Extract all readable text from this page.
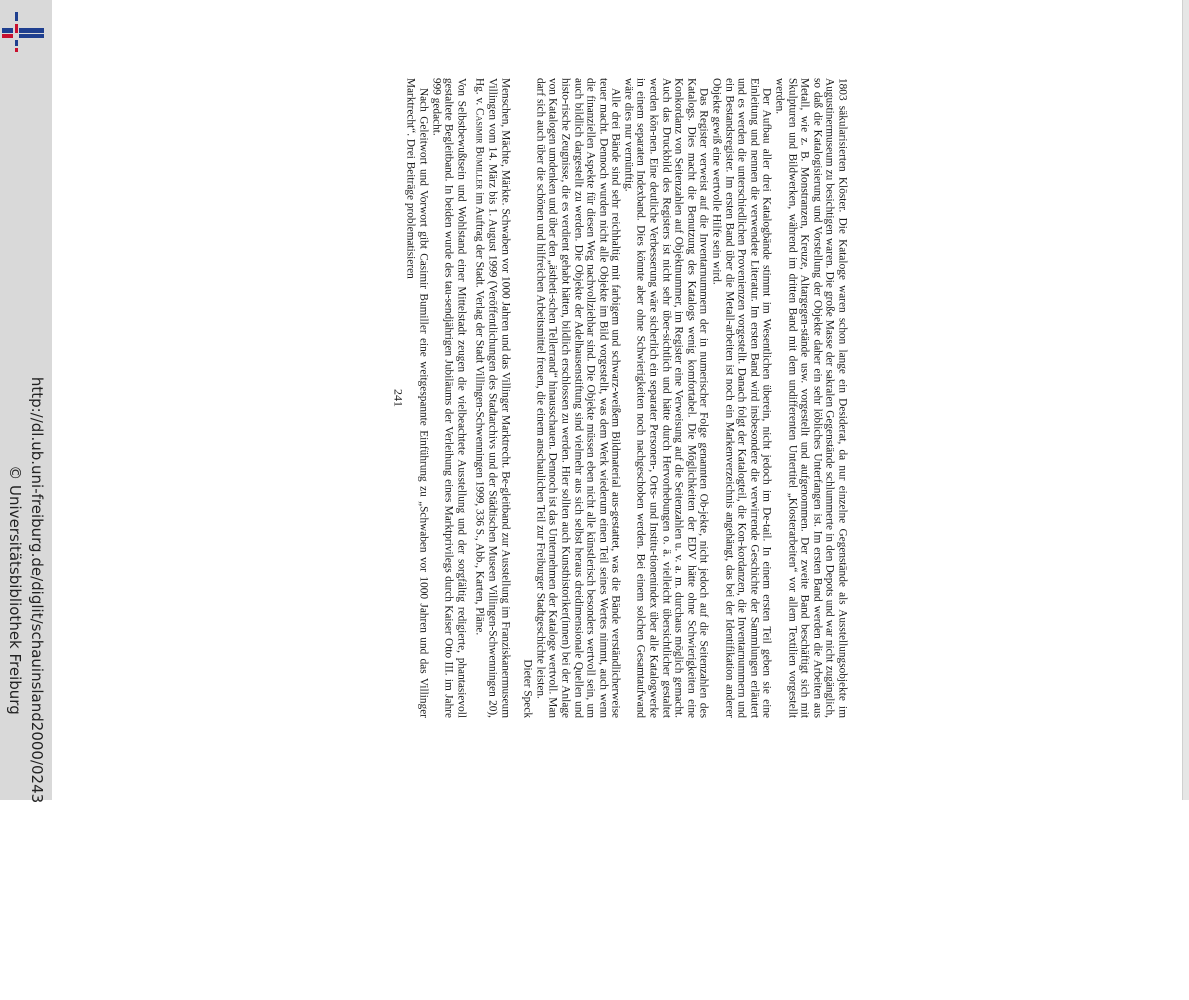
http://dl.ub.uni-freiburg.de/diglit/schauinsland2000/0243
© Universitätsbibliothek Freiburg	1803 säkularisierten Klöster. Die Kataloge waren schon lange ein Desiderat, da nur einzelne Gegenstände als Ausstellungsobjekte im Augustinermuseum zu besichtigen waren. Die große Masse der sakralen Gegenstände schlummerte in den Depots und war nicht zugänglich, so daß die Katalogisierung und Vorstellung der Objekte daher ein sehr löbliches Unterfangen ist. Im ersten Band werden die Arbeiten aus Metall, wie z. B. Monstranzen, Kreuze, Altargegen-stände usw. vorgestellt und aufgenommen. Der zweite Band beschäftigt sich mit Skulpturen und Bildwerken, während im dritten Band mit dem undifferenten Untertitel „Klosterarbeiten“ vor allem Textilien vorgestellt werden.

Der Aufbau aller drei Katalogbände stimmt im Wesentlichen überein, nicht jedoch im De-tail. In einem ersten Teil geben sie eine Einleitung und nennen die verwendete Literatur. Im ersten Band wird insbesondere die verwirrende Geschichte der Sammlungen erläutert und es werden die unterschiedlichen Provenienzen vorgestellt. Danach folgt der Katalogteil, die Kon-kordanzen, die Inventarnummern und ein Bestandsregister. Im ersten Band über die Metall-arbeiten ist noch ein Markenverzeichnis angehängt, das bei der Identifikation anderer Objekte gewiß eine wertvolle Hilfe sein wird.

Das Register verweist auf die Inventarnummern der in numerischer Folge genannten Ob-jekte, nicht jedoch auf die Seitenzahlen des Katalogs. Dies macht die Benutzung des Katalogs wenig komfortabel. Die Möglichkeiten der EDV hätte ohne Schwierigkeiten eine Konkordanz von Seitenzahlen auf Objektnummer, im Register eine Verweisung auf die Seitenzahlen u. v. a. m. durchaus möglich gemacht. Auch das Druckbild des Registers ist nicht sehr über-sichtlich und hätte durch Hervorhebungen o. ä. vielleicht übersichtlicher gestaltet werden kön-nen. Eine deutliche Verbesserung wäre sicherlich ein separater Personen-, Orts- und Institu-tionenindex über alle Katalogwerke in einem separaten Indexband. Dies könnte aber ohne Schwierigkeiten noch nachgeschoben werden. Bei einem solchen Gesamtaufwand wäre dies nur vernünftig.

Alle drei Bände sind sehr reichhaltig mit farbigem und schwarz-weißem Bildmaterial aus-gestattet, was die Bände verständlicherweise teuer macht. Dennoch wurden nicht alle Objekte im Bild vorgestellt, was dem Werk wiederum einen Teil seines Wertes nimmt, auch wenn die finanziellen Aspekte für diesen Weg nachvollziehbar sind. Die Objekte müssen eben nicht alle künstlerisch besonders wertvoll sein, um auch bildlich dargestellt zu werden. Die Objekte der Adelhausenstiftung sind vielmehr aus sich selbst heraus dreidimensionale Quellen und histo-rische Zeugnisse, die es verdient gehabt hätten, bildlich erschlossen zu werden. Hier sollten auch Kunsthistoriker(innen) bei der Anlage von Katalogen umdenken und über den „ästheti-schen Tellerrand“ hinausschauen. Dennoch ist das Unternehmen der Kataloge wertvoll. Man darf sich auch über die schönen und hilfreichen Arbeitsmittel freuen, die einem anschaulichen Teil zur Freiburger Stadtgeschichte leisten.

Dieter Speck

Menschen, Mächte, Märkte. Schwaben vor 1000 Jahren und das Villinger Marktrecht. Be-gleitband zur Ausstellung im Franziskanermuseum Villingen vom 14. März bis 1. August 1999 (Veröffentlichungen des Stadtarchivs und der Städtischen Museen Villingen-Schwenningen 20), Hg. v. Casimir Bumiller im Auftrag der Stadt. Verlag der Stadt Villingen-Schwenningen 1999, 336 S., Abb., Karten, Pläne.

Von Selbstbewußtsein und Wohlstand einer Mittelstadt zeugen die vielbeachtete Ausstellung und der sorgfältig redigierte, phantasievoll gestaltete Begleitband. In beiden wurde des tau-sendjährigen Jubiläums der Verleihung eines Marktprivilegs durch Kaiser Otto III. im Jahre 999 gedacht.

Nach Geleitwort und Vorwort gibt Casimir Bumiller eine weitgespannte Einführung zu „Schwaben vor 1000 Jahren und das Villinger Marktrecht“. Drei Beiträge problematisieren

241
